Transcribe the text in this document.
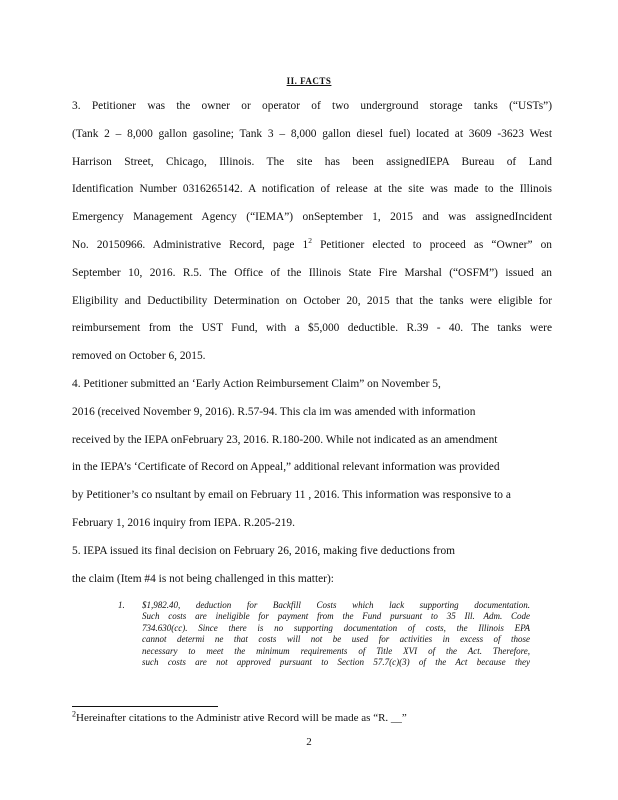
II. FACTS
3. Petitioner was the owner or operator of two underground storage tanks (“USTs”)
(Tank 2 – 8,000 gallon gasoline; Tank 3 – 8,000 gallon diesel fuel) located at 3609 -3623 West
Harrison Street, Chicago, Illinois. The site has been assignedIEPA Bureau of Land
Identification Number 0316265142. A notification of release at the site was made to the Illinois
Emergency Management Agency (“IEMA”) onSeptember 1, 2015 and was assignedIncident
No. 20150966. Administrative Record, page $1^2$ Petitioner elected to proceed as “Owner” on
September 10, 2016. R.5. The Office of the Illinois State Fire Marshal (“OSFM”) issued an
Eligibility and Deductibility Determination on October 20, 2015 that the tanks were eligible for
reimbursement from the UST Fund, with a $5,000 deductible. R.39 - 40. The tanks were
removed on October 6, 2015.
4. Petitioner submitted an ‘Early Action Reimbursement Claim” on November 5,
2016 (received November 9, 2016). R.57-94. This cla im was amended with information
received by the IEPA onFebruary 23, 2016. R.180-200. While not indicated as an amendment
in the IEPA’s ‘Certificate of Record on Appeal,” additional relevant information was provided
by Petitioner’s co nsultant by email on February 11 , 2016. This information was responsive to a
February 1, 2016 inquiry from IEPA. R.205-219.
5. IEPA issued its final decision on February 26, 2016, making five deductions from
the claim (Item #4 is not being challenged in this matter):
1. $1,982.40, deduction for Backfill Costs which lack supporting documentation.
Such costs are ineligible for payment from the Fund pursuant to 35 Ill. Adm. Code
734.630(cc). Since there is no supporting documentation of costs, the Illinois EPA
cannot determi ne that costs will not be used for activities in excess of those
necessary to meet the minimum requirements of Title XVI of the Act. Therefore,
such costs are not approved pursuant to Section 57.7(c)(3) of the Act because they
$^2$Hereinafter citations to the Administr ative Record will be made as “R. __”
2
